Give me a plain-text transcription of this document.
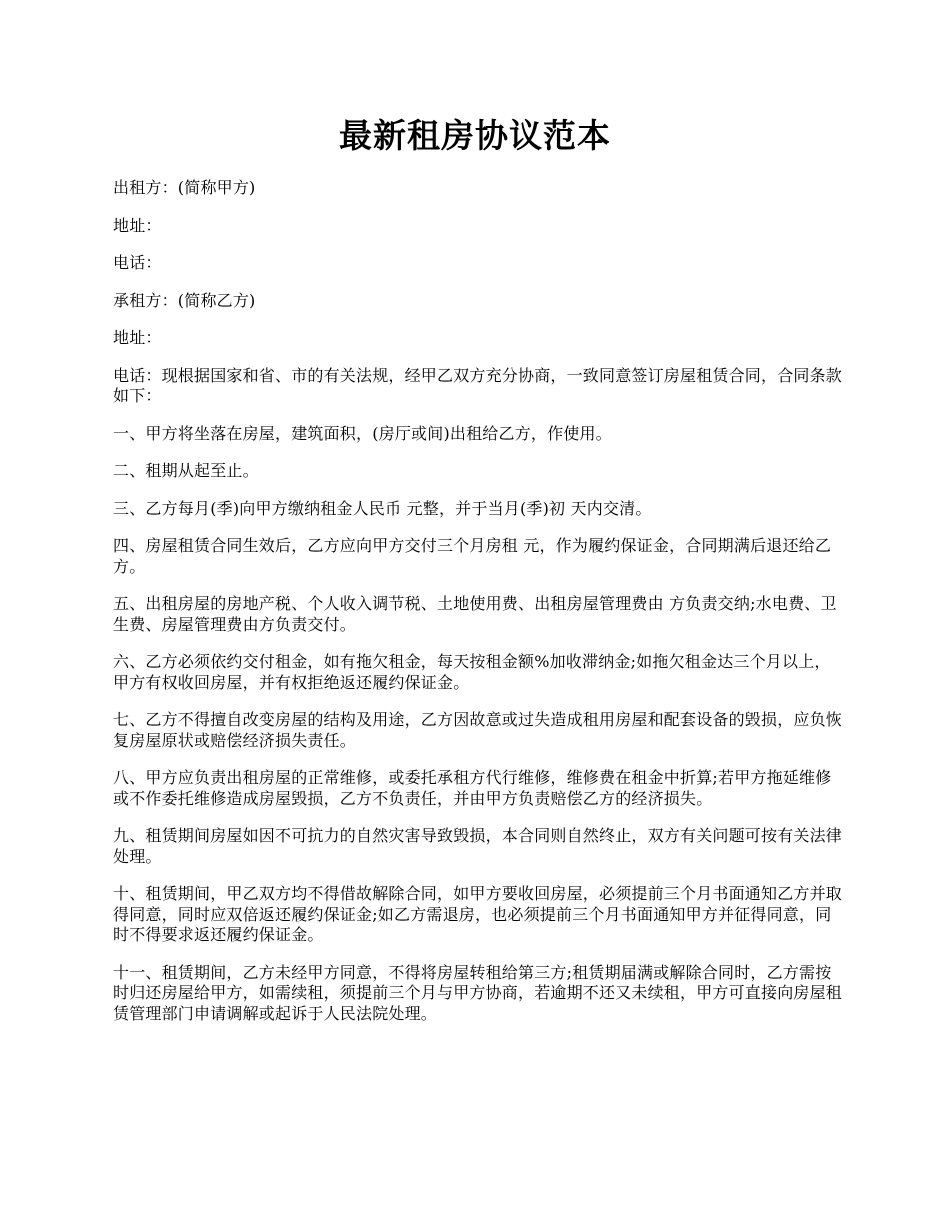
最新租房协议范本

出租方：(简称甲方)

地址：

电话：

承租方：(简称乙方)

地址：

电话：现根据国家和省、市的有关法规，经甲乙双方充分协商，一致同意签订房屋租赁合同，合同条款如下：

一、甲方将坐落在房屋，建筑面积，(房厅或间)出租给乙方，作使用。

二、租期从起至止。

三、乙方每月(季)向甲方缴纳租金人民币 元整，并于当月(季)初 天内交清。

四、房屋租赁合同生效后，乙方应向甲方交付三个月房租 元，作为履约保证金，合同期满后退还给乙方。

五、出租房屋的房地产税、个人收入调节税、土地使用费、出租房屋管理费由 方负责交纳;水电费、卫生费、房屋管理费由方负责交付。

六、乙方必须依约交付租金，如有拖欠租金，每天按租金额%加收滞纳金;如拖欠租金达三个月以上，甲方有权收回房屋，并有权拒绝返还履约保证金。

七、乙方不得擅自改变房屋的结构及用途，乙方因故意或过失造成租用房屋和配套设备的毁损，应负恢复房屋原状或赔偿经济损失责任。

八、甲方应负责出租房屋的正常维修，或委托承租方代行维修，维修费在租金中折算;若甲方拖延维修或不作委托维修造成房屋毁损，乙方不负责任，并由甲方负责赔偿乙方的经济损失。

九、租赁期间房屋如因不可抗力的自然灾害导致毁损，本合同则自然终止，双方有关问题可按有关法律处理。

十、租赁期间，甲乙双方均不得借故解除合同，如甲方要收回房屋，必须提前三个月书面通知乙方并取得同意，同时应双倍返还履约保证金;如乙方需退房，也必须提前三个月书面通知甲方并征得同意，同时不得要求返还履约保证金。

十一、租赁期间，乙方未经甲方同意，不得将房屋转租给第三方;租赁期届满或解除合同时，乙方需按时归还房屋给甲方，如需续租，须提前三个月与甲方协商，若逾期不还又未续租，甲方可直接向房屋租赁管理部门申请调解或起诉于人民法院处理。
